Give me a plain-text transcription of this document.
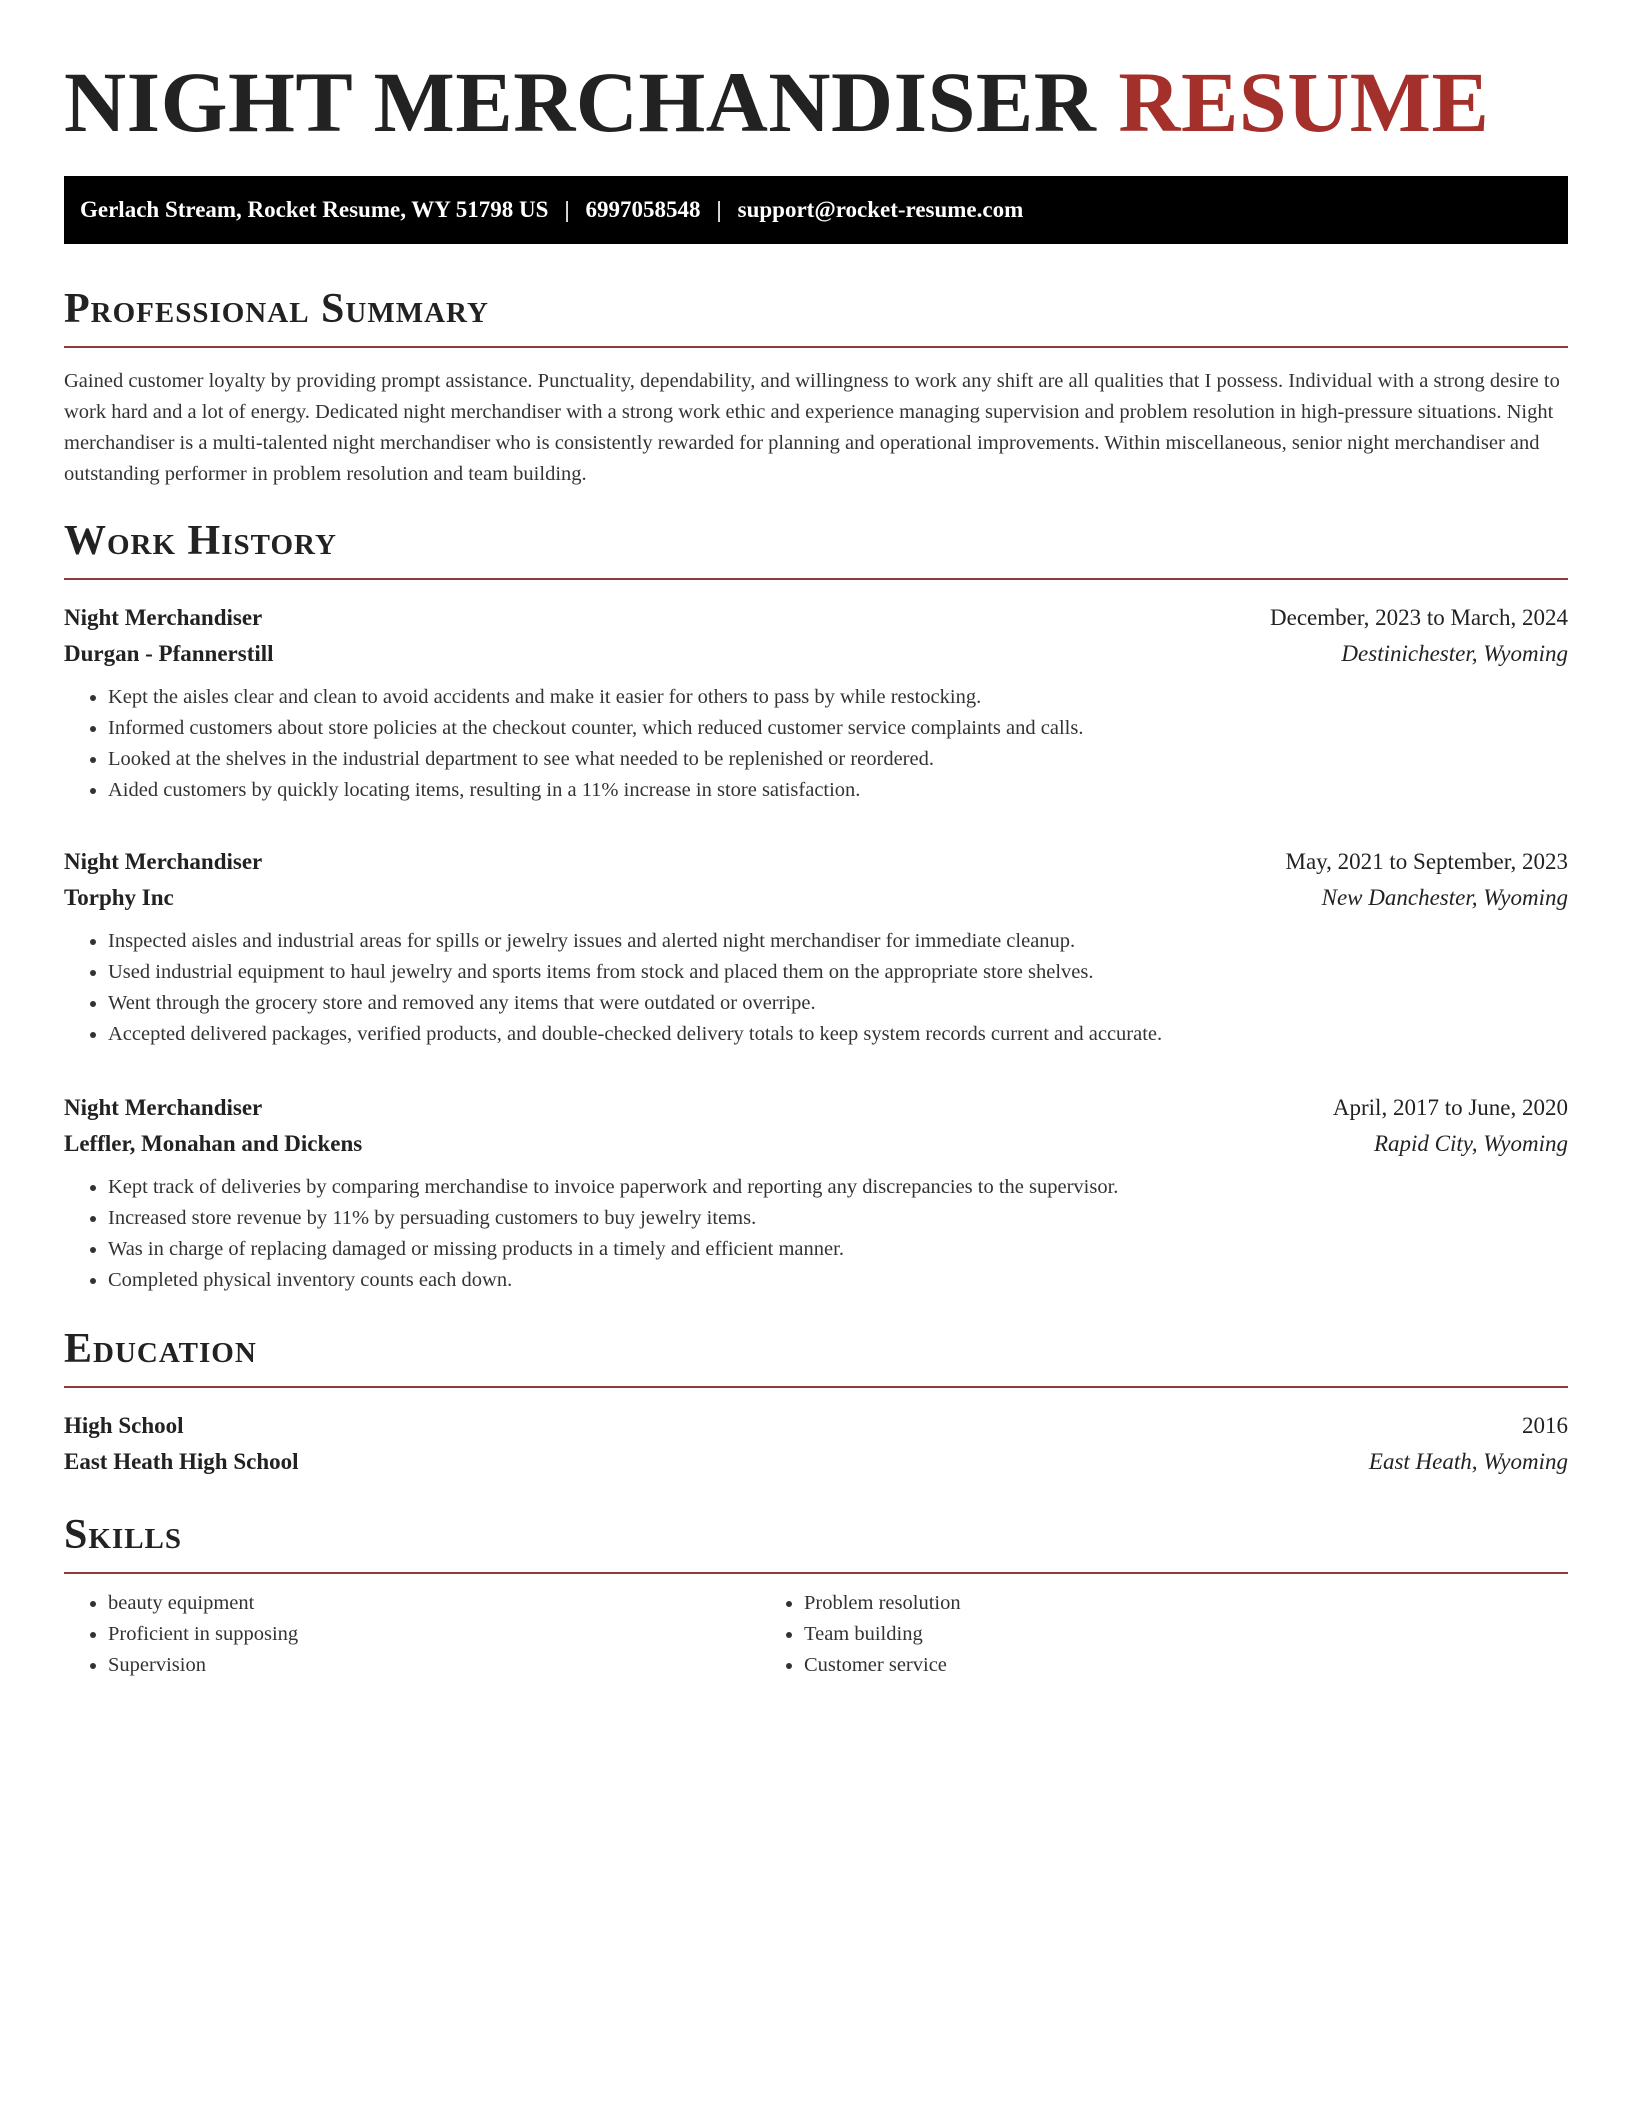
NIGHT MERCHANDISER RESUME
Gerlach Stream, Rocket Resume, WY 51798 US | 6997058548 | support@rocket-resume.com
Professional Summary

Gained customer loyalty by providing prompt assistance. Punctuality, dependability, and willingness to work any shift are all qualities that I possess. Individual with a strong desire to work hard and a lot of energy. Dedicated night merchandiser with a strong work ethic and experience managing supervision and problem resolution in high-pressure situations. Night merchandiser is a multi-talented night merchandiser who is consistently rewarded for planning and operational improvements. Within miscellaneous, senior night merchandiser and outstanding performer in problem resolution and team building.

Work History
Night Merchandiser	December, 2023 to March, 2024
Durgan - Pfannerstill	Destinichester, Wyoming
• Kept the aisles clear and clean to avoid accidents and make it easier for others to pass by while restocking.
• Informed customers about store policies at the checkout counter, which reduced customer service complaints and calls.
• Looked at the shelves in the industrial department to see what needed to be replenished or reordered.
• Aided customers by quickly locating items, resulting in a 11% increase in store satisfaction.
Night Merchandiser	May, 2021 to September, 2023
Torphy Inc	New Danchester, Wyoming
• Inspected aisles and industrial areas for spills or jewelry issues and alerted night merchandiser for immediate cleanup.
• Used industrial equipment to haul jewelry and sports items from stock and placed them on the appropriate store shelves.
• Went through the grocery store and removed any items that were outdated or overripe.
• Accepted delivered packages, verified products, and double-checked delivery totals to keep system records current and accurate.
Night Merchandiser	April, 2017 to June, 2020
Leffler, Monahan and Dickens	Rapid City, Wyoming
• Kept track of deliveries by comparing merchandise to invoice paperwork and reporting any discrepancies to the supervisor.
• Increased store revenue by 11% by persuading customers to buy jewelry items.
• Was in charge of replacing damaged or missing products in a timely and efficient manner.
• Completed physical inventory counts each down.
Education
High School	2016
East Heath High School	East Heath, Wyoming
Skills
• beauty equipment
• Proficient in supposing
• Supervision
• Problem resolution
• Team building
• Customer service
